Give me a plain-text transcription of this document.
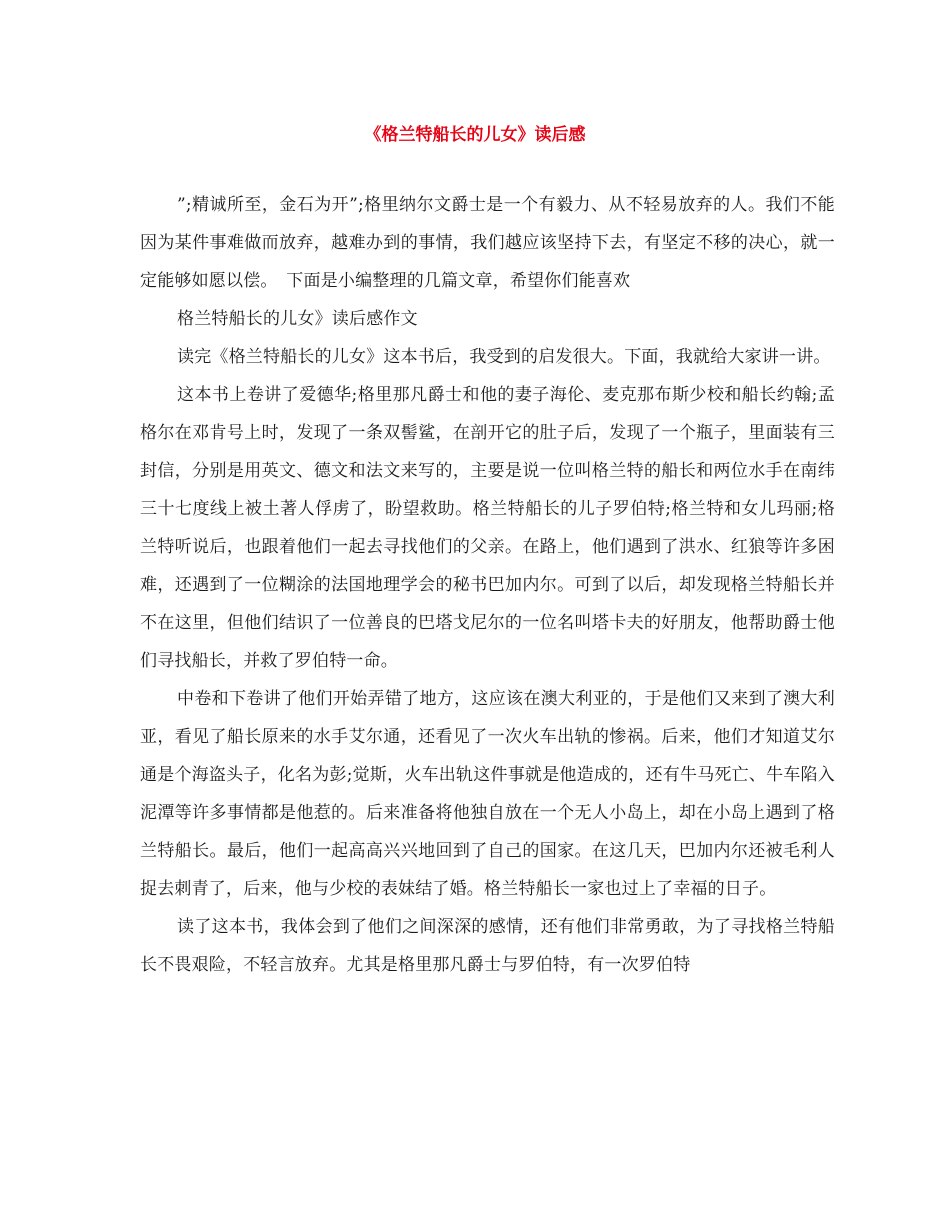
《格兰特船长的儿女》读后感

”;精诚所至，金石为开”;格里纳尔文爵士是一个有毅力、从不轻易放弃的人。我们不能因为某件事难做而放弃，越难办到的事情，我们越应该坚持下去，有坚定不移的决心，就一定能够如愿以偿。　下面是小编整理的几篇文章，希望你们能喜欢

格兰特船长的儿女》读后感作文

读完《格兰特船长的儿女》这本书后，我受到的启发很大。下面，我就给大家讲一讲。

这本书上卷讲了爱德华;格里那凡爵士和他的妻子海伦、麦克那布斯少校和船长约翰;孟格尔在邓肯号上时，发现了一条双髻鲨，在剖开它的肚子后，发现了一个瓶子，里面装有三封信，分别是用英文、德文和法文来写的，主要是说一位叫格兰特的船长和两位水手在南纬三十七度线上被土著人俘虏了，盼望救助。格兰特船长的儿子罗伯特;格兰特和女儿玛丽;格兰特听说后，也跟着他们一起去寻找他们的父亲。在路上，他们遇到了洪水、红狼等许多困难，还遇到了一位糊涂的法国地理学会的秘书巴加内尔。可到了以后，却发现格兰特船长并不在这里，但他们结识了一位善良的巴塔戈尼尔的一位名叫塔卡夫的好朋友，他帮助爵士他们寻找船长，并救了罗伯特一命。

中卷和下卷讲了他们开始弄错了地方，这应该在澳大利亚的，于是他们又来到了澳大利亚，看见了船长原来的水手艾尔通，还看见了一次火车出轨的惨祸。后来，他们才知道艾尔通是个海盗头子，化名为彭;觉斯，火车出轨这件事就是他造成的，还有牛马死亡、牛车陷入泥潭等许多事情都是他惹的。后来准备将他独自放在一个无人小岛上，却在小岛上遇到了格兰特船长。最后，他们一起高高兴兴地回到了自己的国家。在这几天，巴加内尔还被毛利人捉去刺青了，后来，他与少校的表妹结了婚。格兰特船长一家也过上了幸福的日子。

读了这本书，我体会到了他们之间深深的感情，还有他们非常勇敢，为了寻找格兰特船长不畏艰险，不轻言放弃。尤其是格里那凡爵士与罗伯特，有一次罗伯特
